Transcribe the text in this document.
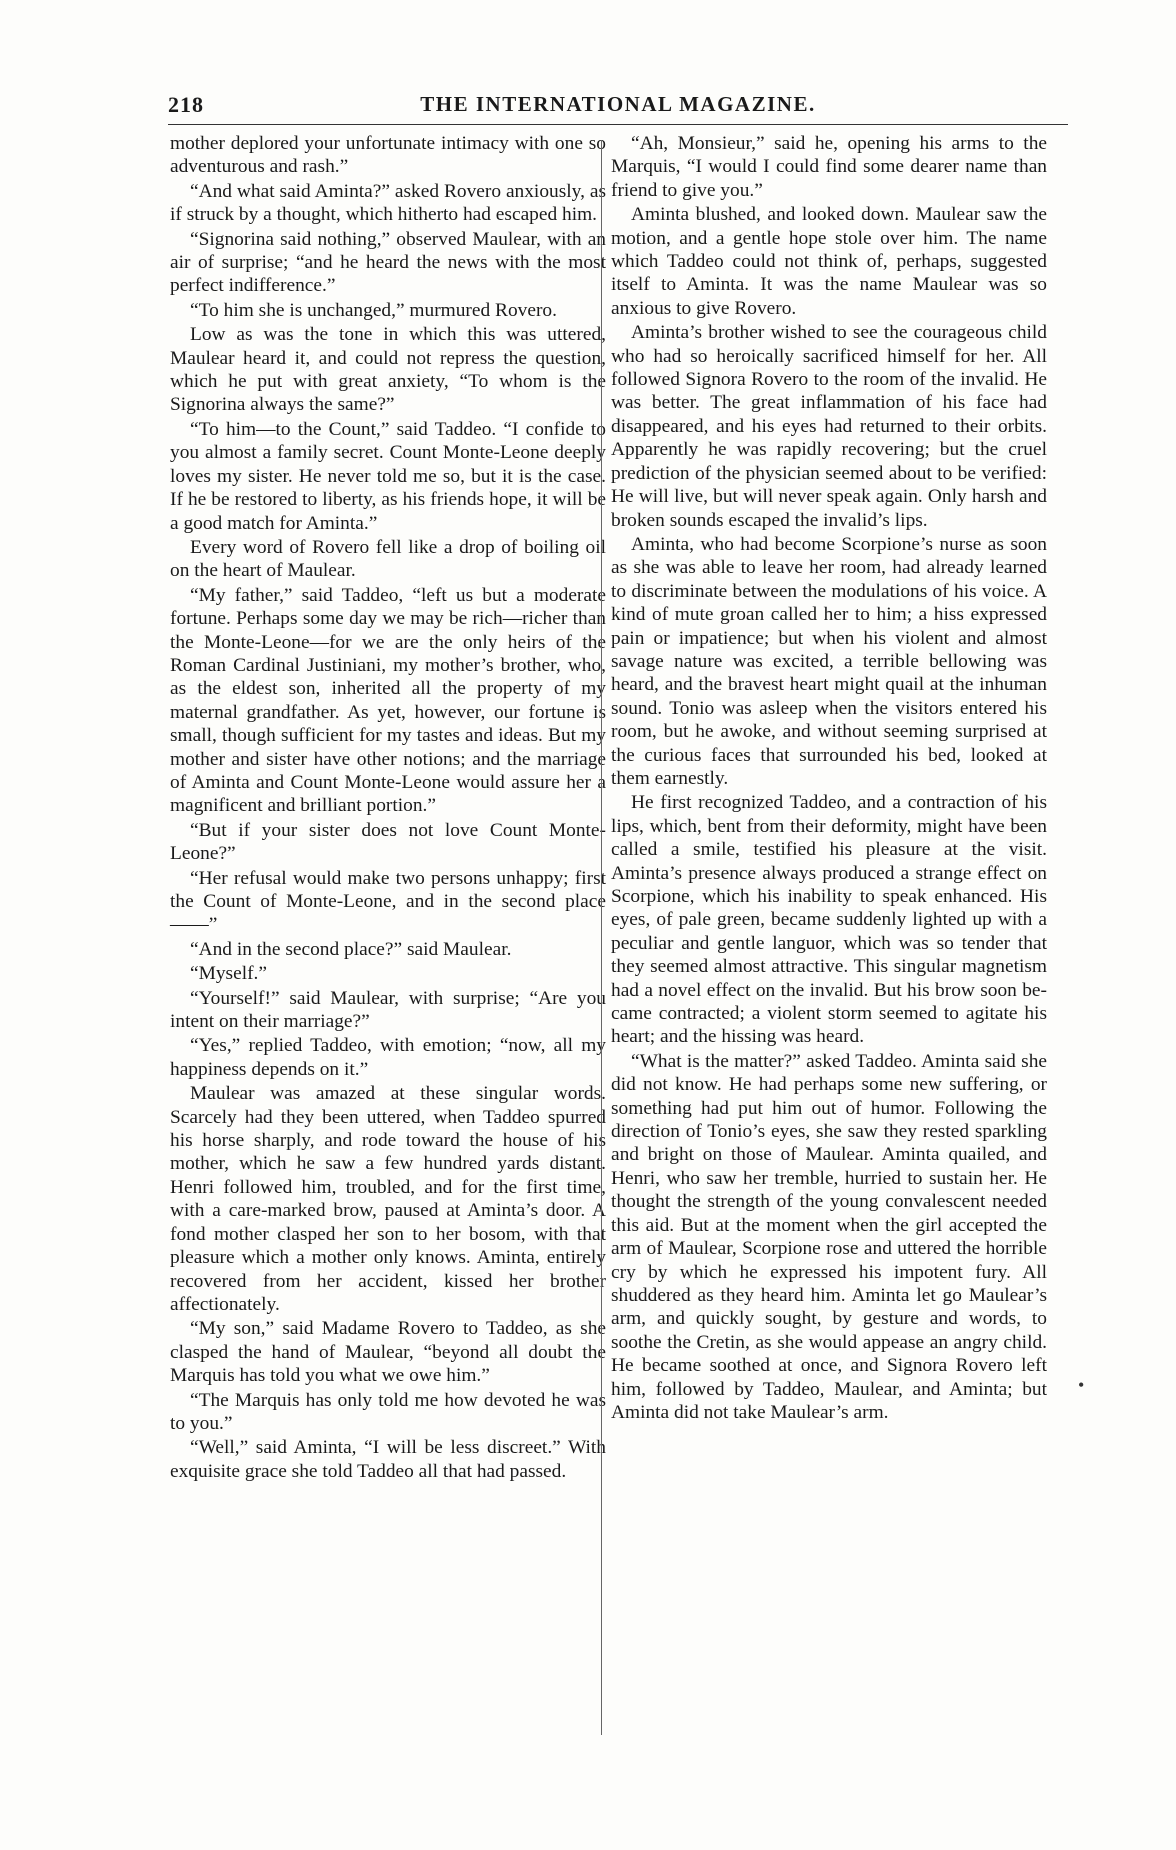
218	THE INTERNATIONAL MAGAZINE.

mother deplored your unfortunate intimacy with one so adventurous and rash.”

“And what said Aminta?” asked Rovero anxiously, as if struck by a thought, which hitherto had escaped him.

“Signorina said nothing,” observed Maulear, with an air of surprise; “and he heard the news with the most perfect indifference.”

“To him she is unchanged,” murmured Rovero.

Low as was the tone in which this was uttered, Maulear heard it, and could not repress the question, which he put with great anxiety, “To whom is the Signorina always the same?”

“To him—to the Count,” said Taddeo. “I confide to you almost a family secret. Count Monte-Leone deeply loves my sister. He never told me so, but it is the case. If he be restored to liberty, as his friends hope, it will be a good match for Aminta.”

Every word of Rovero fell like a drop of boiling oil on the heart of Maulear.

“My father,” said Taddeo, “left us but a moderate fortune. Perhaps some day we may be rich—richer than the Monte-Leone—for we are the only heirs of the Roman Cardinal Justiniani, my mother’s brother, who, as the eldest son, inherited all the property of my maternal grandfather. As yet, however, our fortune is small, though sufficient for my tastes and ideas. But my mother and sister have other notions; and the marriage of Aminta and Count Monte-Leone would assure her a magnificent and brilliant portion.”

“But if your sister does not love Count Monte-Leone?”

“Her refusal would make two persons unhappy; first the Count of Monte-Leone, and in the second place——”

“And in the second place?” said Maulear.

“Myself.”

“Yourself!” said Maulear, with surprise; “Are you intent on their marriage?”

“Yes,” replied Taddeo, with emotion; “now, all my happiness depends on it.”

Maulear was amazed at these singular words. Scarcely had they been uttered, when Taddeo spurred his horse sharply, and rode toward the house of his mother, which he saw a few hundred yards distant. Henri followed him, troubled, and for the first time, with a care-marked brow, paused at Aminta’s door. A fond mother clasped her son to her bosom, with that pleasure which a mother only knows. Aminta, entirely recovered from her accident, kissed her brother affectionately.

“My son,” said Madame Rovero to Taddeo, as she clasped the hand of Maulear, “beyond all doubt the Marquis has told you what we owe him.”

“The Marquis has only told me how devoted he was to you.”

“Well,” said Aminta, “I will be less discreet.” With exquisite grace she told Taddeo all that had passed.

“Ah, Monsieur,” said he, opening his arms to the Marquis, “I would I could find some dearer name than friend to give you.”

Aminta blushed, and looked down. Maulear saw the motion, and a gentle hope stole over him. The name which Taddeo could not think of, perhaps, suggested itself to Aminta. It was the name Maulear was so anxious to give Rovero.

Aminta’s brother wished to see the courageous child who had so heroically sacrificed himself for her. All followed Signora Rovero to the room of the invalid. He was better. The great inflammation of his face had disappeared, and his eyes had returned to their orbits. Apparently he was rapidly recovering; but the cruel prediction of the physician seemed about to be verified: He will live, but will never speak again. Only harsh and broken sounds escaped the invalid’s lips.

Aminta, who had become Scorpione’s nurse as soon as she was able to leave her room, had already learned to discriminate between the modulations of his voice. A kind of mute groan called her to him; a hiss expressed pain or impatience; but when his violent and almost savage nature was excited, a terrible bellowing was heard, and the bravest heart might quail at the inhuman sound. Tonio was asleep when the visitors entered his room, but he awoke, and without seeming surprised at the curious faces that surrounded his bed, looked at them earnestly.

He first recognized Taddeo, and a contraction of his lips, which, bent from their deformity, might have been called a smile, testified his pleasure at the visit. Aminta’s presence always produced a strange effect on Scorpione, which his inability to speak enhanced. His eyes, of pale green, became suddenly lighted up with a peculiar and gentle languor, which was so tender that they seemed almost attractive. This singular magnetism had a novel effect on the invalid. But his brow soon became contracted; a violent storm seemed to agitate his heart; and the hissing was heard.

“What is the matter?” asked Taddeo. Aminta said she did not know. He had perhaps some new suffering, or something had put him out of humor. Following the direction of Tonio’s eyes, she saw they rested sparkling and bright on those of Maulear. Aminta quailed, and Henri, who saw her tremble, hurried to sustain her. He thought the strength of the young convalescent needed this aid. But at the moment when the girl accepted the arm of Maulear, Scorpione rose and uttered the horrible cry by which he expressed his impotent fury. All shuddered as they heard him. Aminta let go Maulear’s arm, and quickly sought, by gesture and words, to soothe the Cretin, as she would appease an angry child. He became soothed at once, and Signora Rovero left him, followed by Taddeo, Maulear, and Aminta; but Aminta did not take Maulear’s arm.

•
